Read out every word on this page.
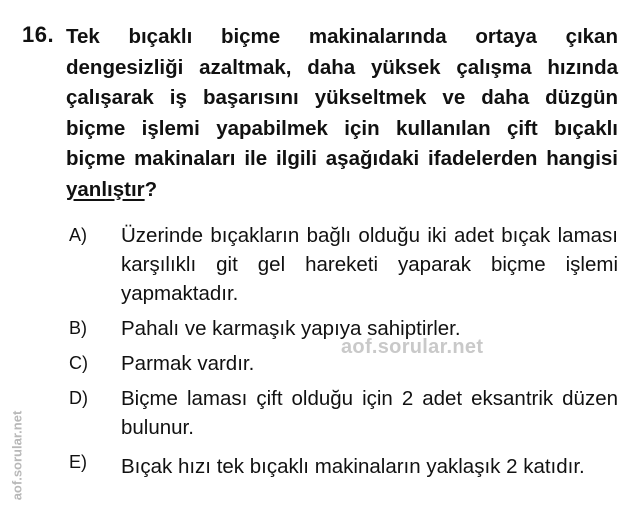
16. Tek bıçaklı biçme makinalarında ortaya çıkan dengesizliği azaltmak, daha yüksek çalışma hızında çalışarak iş başarısını yükseltmek ve daha düzgün biçme işlemi yapabilmek için kullanılan çift bıçaklı biçme makinaları ile ilgili aşağıdaki ifadelerden hangisi yanlıştır?
A)	Üzerinde bıçakların bağlı olduğu iki adet bıçak laması karşılıklı git gel hareketi yaparak biçme işlemi yapmaktadır.
B)	Pahalı ve karmaşık yapıya sahiptirler.
C)	Parmak vardır.
D)	Biçme laması çift olduğu için 2 adet eksantrik düzen bulunur.
E)	Bıçak hızı tek bıçaklı makinaların yaklaşık 2 katıdır.
aof.sorular.net
aof.sorular.net
